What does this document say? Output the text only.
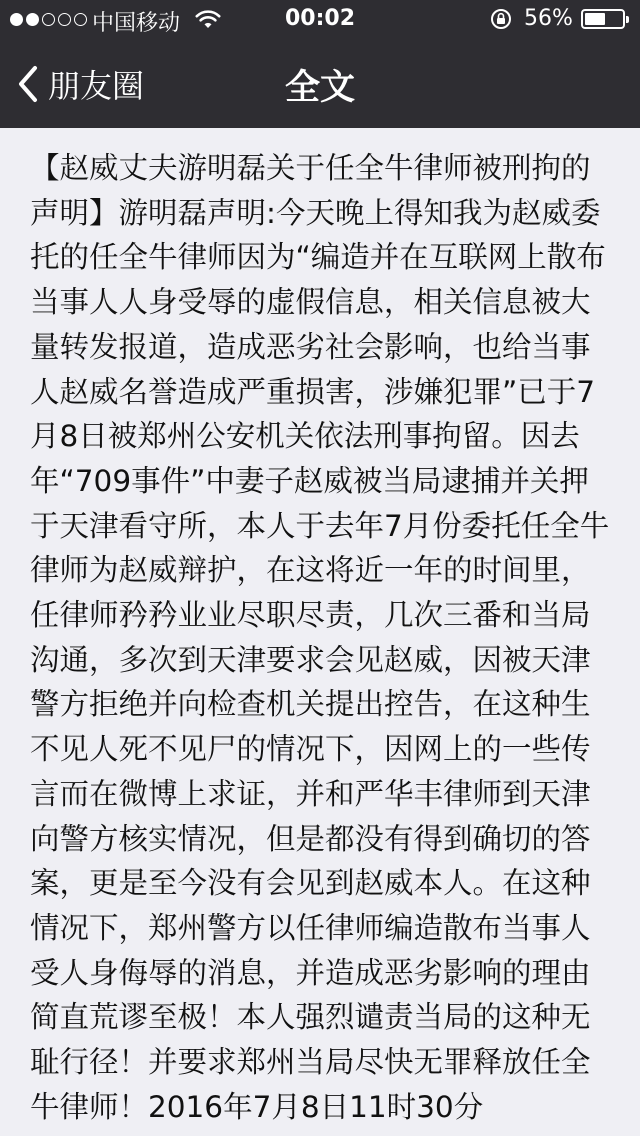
中国移动	00:02	56%
朋友圈	全文

【赵威丈夫游明磊关于任全牛律师被刑拘的声明】游明磊声明:今天晚上得知我为赵威委托的任全牛律师因为“编造并在互联网上散布当事人人身受辱的虚假信息，相关信息被大量转发报道，造成恶劣社会影响，也给当事人赵威名誉造成严重损害，涉嫌犯罪”已于7月8日被郑州公安机关依法刑事拘留。因去年“709事件”中妻子赵威被当局逮捕并关押于天津看守所，本人于去年7月份委托任全牛律师为赵威辩护，在这将近一年的时间里，任律师矜矜业业尽职尽责，几次三番和当局沟通，多次到天津要求会见赵威，因被天津警方拒绝并向检查机关提出控告，在这种生不见人死不见尸的情况下，因网上的一些传言而在微博上求证，并和严华丰律师到天津向警方核实情况，但是都没有得到确切的答案，更是至今没有会见到赵威本人。在这种情况下，郑州警方以任律师编造散布当事人受人身侮辱的消息，并造成恶劣影响的理由简直荒谬至极！本人强烈谴责当局的这种无耻行径！并要求郑州当局尽快无罪释放任全牛律师！2016年7月8日11时30分
